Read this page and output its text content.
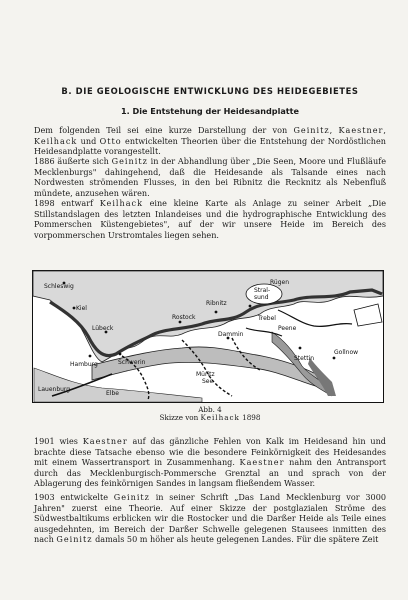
B. DIE GEOLOGISCHE ENTWICKLUNG DES HEIDEGEBIETES
1. Die Entstehung der Heidesandplatte

Dem folgenden Teil sei eine kurze Darstellung der von Geinitz, Kaestner, Keilhack und Otto entwickelten Theorien über die Entstehung der Nordöstlichen Heidesandplatte vorangestellt.

1886 äußerte sich Geinitz in der Abhandlung über „Die Seen, Moore und Flußläufe Mecklenburgs" dahingehend, daß die Heidesande als Talsande eines nach Nordwesten strömenden Flusses, in den bei Ribnitz die Recknitz als Nebenfluß mündete, anzusehen wären.

1898 entwarf Keilhack eine kleine Karte als Anlage zu seiner Arbeit „Die Stillstandslagen des letzten Inlandeises und die hydrographische Entwicklung des Pommerschen Küstengebietes", auf der wir unsere Heide im Bereich des vorpommerschen Urstromtales liegen sehen.

Schleswig
Kiel
Lübeck
Hamburg
Lauenburg
Schwerin
Rostock
Ribnitz
Stral-
sund
Rügen
Dammin
Trebel
Peene
Stettin
Gollnow
Müritz
See
Elbe
Abb. 4
Skizze von Keilhack 1898

1901 wies Kaestner auf das gänzliche Fehlen von Kalk im Heidesand hin und brachte diese Tatsache ebenso wie die besondere Feinkörnigkeit des Heidesandes mit einem Wassertransport in Zusammenhang. Kaestner nahm den Antransport durch das Mecklenburgisch-Pommersche Grenztal an und sprach von der Ablagerung des feinkörnigen Sandes in langsam fließendem Wasser.

1903 entwickelte Geinitz in seiner Schrift „Das Land Mecklenburg vor 3000 Jahren" zuerst eine Theorie. Auf einer Skizze der postglazialen Ströme des Südwestbaltikums erblicken wir die Rostocker und die Darßer Heide als Teile eines ausgedehnten, im Bereich der Darßer Schwelle gelegenen Stausees inmitten des nach Geinitz damals 50 m höher als heute gelegenen Landes. Für die spätere Zeit
